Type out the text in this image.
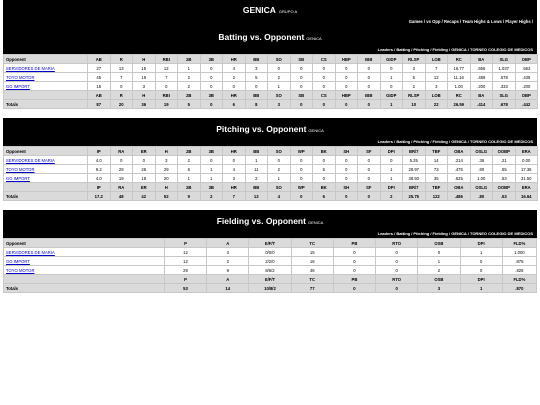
GENICA GRUPO A
Games / vs Opp / Recaps / Team Highs & Lows / Player Highs /
Batting vs. Opponent GENICA
Leaders / Batting / Pitching / Fielding / GENICA / TORNEO COLEGIO DE MEDICOS
Opponent	AB	R	H	RBI	2B	3B	HR	BB	SO	SB	CS	HBP	IBB	GIDP	RLSP	LOB	RC	BA	SLG	OBP
SERVIDORES DE MARIA	27	13	15	12	1	0	4	3	0	0	0	0	0	0	3	7	16.77	.556	1.037	.563
TOYO MOTOR	45	7	19	7	2	0	2	5	2	0	0	0	0	1	5	12	11.16	.489	.578	.438
GG IMPORT	15	0	3	0	2	0	0	0	1	0	0	0	0	0	2	3	1.00	.200	.333	.200
	AB	R	H	RBI	2B	3B	HR	BB	SO	SB	CS	HBP	IBB	GIDP	RLSP	LOB	RC	BA	SLG	OBP
Totals	87	20	36	19	5	0	6	8	3	0	0	0	0	1	10	22	26.59	.414	.678	.442
Pitching vs. Opponent GENICA
Leaders / Batting / Pitching / Fielding / GENICA / TORNEO COLEGIO DE MEDICOS
Opponent	IP	RA	ER	H	2B	3B	HR	BB	SO	WP	BK	SH	SF	DPI	BR/7	TBF	OBA	OSLG	OOBP	ERA
SERVIDORES DE MARIA	4.0	0	0	3	2	0	0	1	0	0	0	0	0	0	5.25	14	.214	.36	.21	0.00
TOYO MOTOR	9.2	29	26	29	6	1	4	11	2	0	6	0	0	1	28.97	73	.475	.80	.55	17.36
GG IMPORT	4.0	19	18	20	1	1	3	2	1	0	0	0	0	1	36.50	35	.625	1.00	.63	31.50
	IP	RA	ER	H	2B	3B	HR	BB	SO	WP	BK	SH	SF	DPI	BR/7	TBF	OBA	OSLG	OOBP	ERA
Totals	17.2	48	42	52	9	2	7	13	4	0	6	0	0	2	25.75	122	.486	.80	.53	16.64
Fielding vs. Opponent GENICA
Leaders / Batting / Pitching / Fielding / GENICA / TORNEO COLEGIO DE MEDICOS
Opponent	P	A	E/F/T	TC	PB	RTO	OSB	DPI	FLD%
SERVIDORES DE MARIA	12	3	0/0/0	15	0	0	0	1	1.000
GG IMPORT	12	2	2/2/0	16	0	0	1	0	.875
TOYO MOTOR	29	9	8/6/2	46	0	0	2	0	.826
	P	A	E/F/T	TC	PB	RTO	OSB	DPI	FLD%
Totals	53	14	10/8/2	77	0	0	3	1	.870
